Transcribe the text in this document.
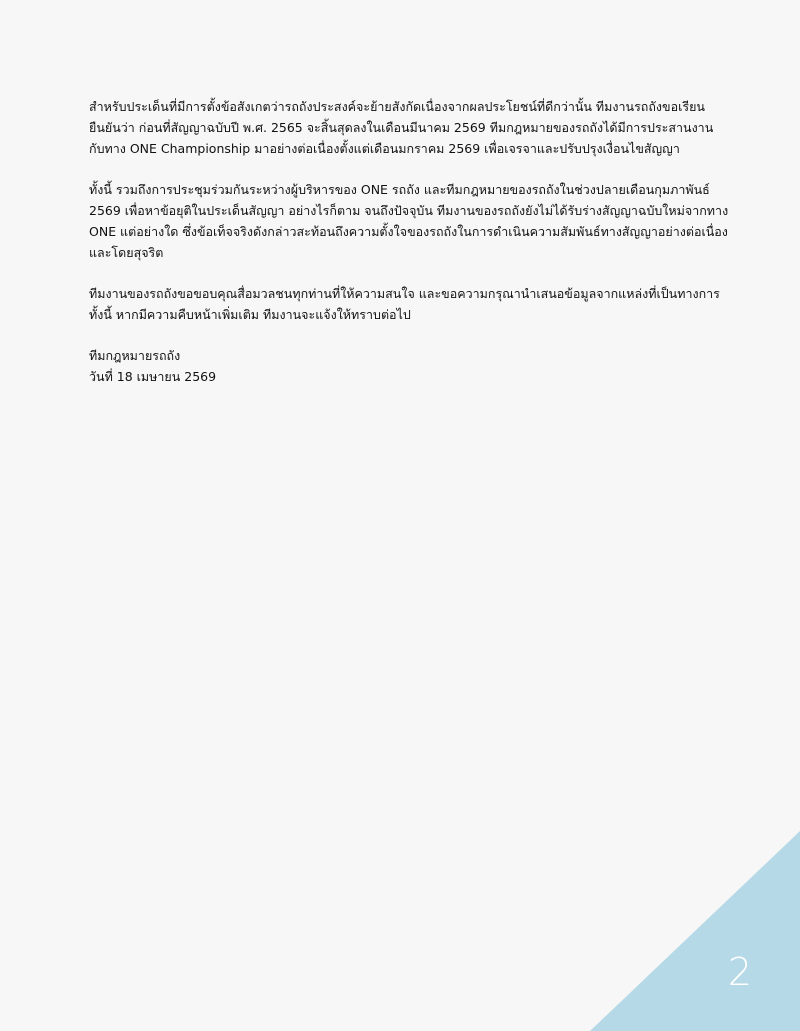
สำหรับประเด็นที่มีการตั้งข้อสังเกตว่ารถถังประสงค์จะย้ายสังกัดเนื่องจากผลประโยชน์ที่ดีกว่านั้น ทีมงานรถถังขอเรียน
ยืนยันว่า ก่อนที่สัญญาฉบับปี พ.ศ. 2565 จะสิ้นสุดลงในเดือนมีนาคม 2569 ทีมกฎหมายของรถถังได้มีการประสานงาน
กับทาง ONE Championship มาอย่างต่อเนื่องตั้งแต่เดือนมกราคม 2569 เพื่อเจรจาและปรับปรุงเงื่อนไขสัญญา

ทั้งนี้ รวมถึงการประชุมร่วมกันระหว่างผู้บริหารของ ONE รถถัง และทีมกฎหมายของรถถังในช่วงปลายเดือนกุมภาพันธ์
2569 เพื่อหาข้อยุติในประเด็นสัญญา อย่างไรก็ตาม จนถึงปัจจุบัน ทีมงานของรถถังยังไม่ได้รับร่างสัญญาฉบับใหม่จากทาง
ONE แต่อย่างใด ซึ่งข้อเท็จจริงดังกล่าวสะท้อนถึงความตั้งใจของรถถังในการดำเนินความสัมพันธ์ทางสัญญาอย่างต่อเนื่อง
และโดยสุจริต

ทีมงานของรถถังขอขอบคุณสื่อมวลชนทุกท่านที่ให้ความสนใจ และขอความกรุณานำเสนอข้อมูลจากแหล่งที่เป็นทางการ
ทั้งนี้ หากมีความคืบหน้าเพิ่มเติม ทีมงานจะแจ้งให้ทราบต่อไป

ทีมกฎหมายรถถัง
วันที่ 18 เมษายน 2569
2
